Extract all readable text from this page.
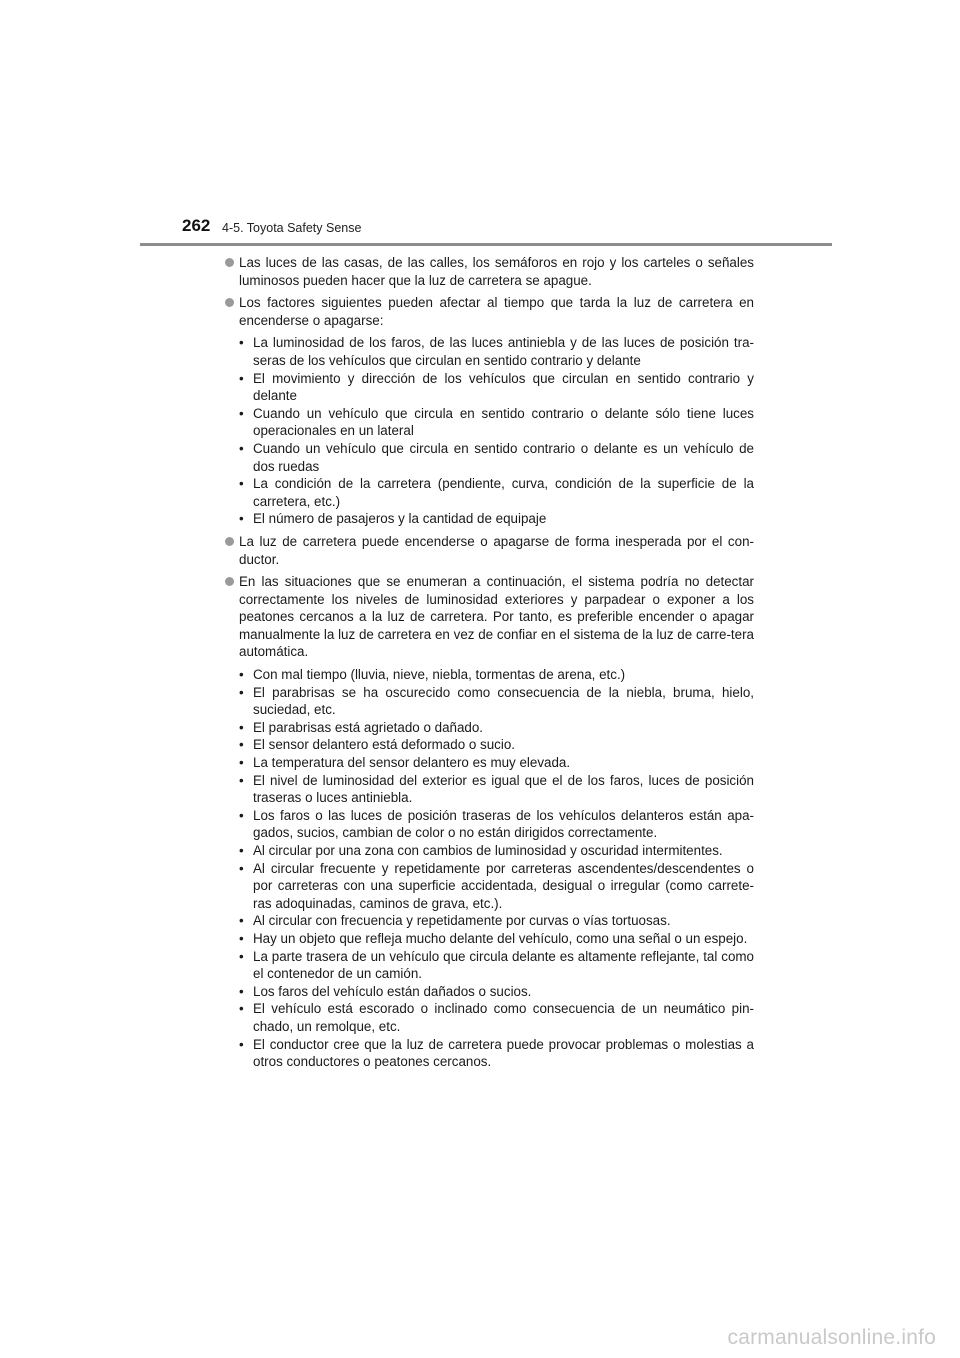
262 4-5. Toyota Safety Sense
Las luces de las casas, de las calles, los semáforos en rojo y los carteles o señales luminosos pueden hacer que la luz de carretera se apague.
Los factores siguientes pueden afectar al tiempo que tarda la luz de carretera en encenderse o apagarse:
• La luminosidad de los faros, de las luces antiniebla y de las luces de posición tra-seras de los vehículos que circulan en sentido contrario y delante
• El movimiento y dirección de los vehículos que circulan en sentido contrario y delante
• Cuando un vehículo que circula en sentido contrario o delante sólo tiene luces operacionales en un lateral
• Cuando un vehículo que circula en sentido contrario o delante es un vehículo de dos ruedas
• La condición de la carretera (pendiente, curva, condición de la superficie de la carretera, etc.)
• El número de pasajeros y la cantidad de equipaje
La luz de carretera puede encenderse o apagarse de forma inesperada por el con-ductor.
En las situaciones que se enumeran a continuación, el sistema podría no detectar correctamente los niveles de luminosidad exteriores y parpadear o exponer a los peatones cercanos a la luz de carretera. Por tanto, es preferible encender o apagar manualmente la luz de carretera en vez de confiar en el sistema de la luz de carre-tera automática.
• Con mal tiempo (lluvia, nieve, niebla, tormentas de arena, etc.)
• El parabrisas se ha oscurecido como consecuencia de la niebla, bruma, hielo, suciedad, etc.
• El parabrisas está agrietado o dañado.
• El sensor delantero está deformado o sucio.
• La temperatura del sensor delantero es muy elevada.
• El nivel de luminosidad del exterior es igual que el de los faros, luces de posición traseras o luces antiniebla.
• Los faros o las luces de posición traseras de los vehículos delanteros están apa-gados, sucios, cambian de color o no están dirigidos correctamente.
• Al circular por una zona con cambios de luminosidad y oscuridad intermitentes.
• Al circular frecuente y repetidamente por carreteras ascendentes/descendentes o por carreteras con una superficie accidentada, desigual o irregular (como carrete-ras adoquinadas, caminos de grava, etc.).
• Al circular con frecuencia y repetidamente por curvas o vías tortuosas.
• Hay un objeto que refleja mucho delante del vehículo, como una señal o un espejo.
• La parte trasera de un vehículo que circula delante es altamente reflejante, tal como el contenedor de un camión.
• Los faros del vehículo están dañados o sucios.
• El vehículo está escorado o inclinado como consecuencia de un neumático pin-chado, un remolque, etc.
• El conductor cree que la luz de carretera puede provocar problemas o molestias a otros conductores o peatones cercanos.
carmanualsonline.info
